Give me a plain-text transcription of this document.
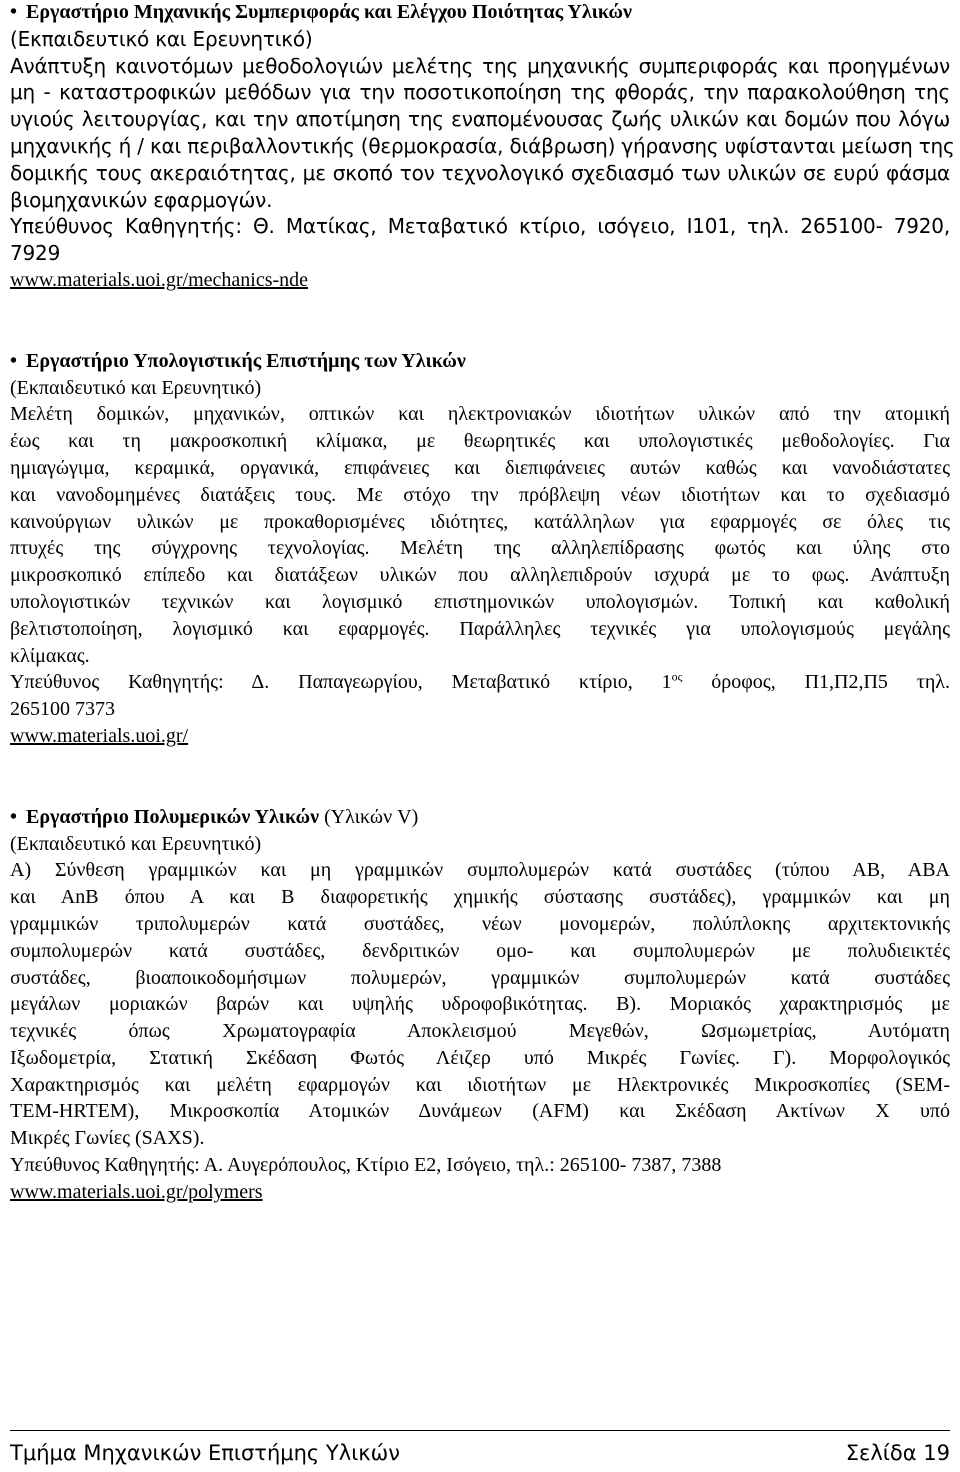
• Εργαστήριο Μηχανικής Συμπεριφοράς και Ελέγχου Ποιότητας Υλικών
(Εκπαιδευτικό και Ερευνητικό)
Ανάπτυξη καινοτόμων μεθοδολογιών μελέτης της μηχανικής συμπεριφοράς και προηγμένων
μη - καταστροφικών μεθόδων για την ποσοτικοποίηση της φθοράς, την παρακολούθηση της
υγιούς λειτουργίας, και την αποτίμηση της εναπομένουσας ζωής υλικών και δομών που λόγω
μηχανικής ή / και περιβαλλοντικής (θερμοκρασία, διάβρωση) γήρανσης υφίστανται μείωση της
δομικής τους ακεραιότητας, με σκοπό τον τεχνολογικό σχεδιασμό των υλικών σε ευρύ φάσμα
βιομηχανικών εφαρμογών.
Υπεύθυνος Καθηγητής: Θ. Ματίκας, Μεταβατικό κτίριο, ισόγειο, Ι101, τηλ. 265100- 7920,
7929
www.materials.uoi.gr/mechanics-nde
• Εργαστήριο Υπολογιστικής Επιστήμης των Υλικών
(Εκπαιδευτικό και Ερευνητικό)
Μελέτη δομικών, μηχανικών, οπτικών και ηλεκτρονιακών ιδιοτήτων υλικών από την ατομική
έως και τη μακροσκοπική κλίμακα, με θεωρητικές και υπολογιστικές μεθοδολογίες. Για
ημιαγώγιμα, κεραμικά, οργανικά, επιφάνειες και διεπιφάνειες αυτών καθώς και νανοδιάστατες
και νανοδομημένες διατάξεις τους. Με στόχο την πρόβλεψη νέων ιδιοτήτων και το σχεδιασμό
καινούργιων υλικών με προκαθορισμένες ιδιότητες, κατάλληλων για εφαρμογές σε όλες τις
πτυχές της σύγχρονης τεχνολογίας. Μελέτη της αλληλεπίδρασης φωτός και ύλης στο
μικροσκοπικό επίπεδο και διατάξεων υλικών που αλληλεπιδρούν ισχυρά με το φως. Ανάπτυξη
υπολογιστικών τεχνικών και λογισμικό επιστημονικών υπολογισμών. Τοπική και καθολική
βελτιστοποίηση, λογισμικό και εφαρμογές. Παράλληλες τεχνικές για υπολογισμούς μεγάλης
κλίμακας.
Υπεύθυνος Καθηγητής: Δ. Παπαγεωργίου, Μεταβατικό κτίριο, $1^{o\varsigma}$ όροφος, Π1,Π2,Π5 τηλ.
265100 7373
www.materials.uoi.gr/
• Εργαστήριο Πολυμερικών Υλικών (Υλικών V)
(Εκπαιδευτικό και Ερευνητικό)
Α) Σύνθεση γραμμικών και μη γραμμικών συμπολυμερών κατά συστάδες (τύπου ΑΒ, ΑΒΑ
και ΑnΒ όπου Α και Β διαφορετικής χημικής σύστασης συστάδες), γραμμικών και μη
γραμμικών τριπολυμερών κατά συστάδες, νέων μονομερών, πολύπλοκης αρχιτεκτονικής
συμπολυμερών κατά συστάδες, δενδριτικών ομο- και συμπολυμερών με πολυδιεικτές
συστάδες, βιοαποικοδομήσιμων πολυμερών, γραμμικών συμπολυμερών κατά συστάδες
μεγάλων μοριακών βαρών και υψηλής υδροφοβικότητας. Β). Μοριακός χαρακτηρισμός με
τεχνικές όπως Χρωματογραφία Αποκλεισμού Μεγεθών, Ωσμωμετρίας, Αυτόματη
Ιξωδομετρία, Στατική Σκέδαση Φωτός Λέιζερ υπό Μικρές Γωνίες. Γ). Μορφολογικός
Χαρακτηρισμός και μελέτη εφαρμογών και ιδιοτήτων με Ηλεκτρονικές Μικροσκοπίες (SEM-
TEM-HRTEM), Μικροσκοπία Ατομικών Δυνάμεων (AFM) και Σκέδαση Ακτίνων Χ υπό
Μικρές Γωνίες (SAXS).
Υπεύθυνος Καθηγητής: Α. Αυγερόπουλος, Κτίριο Ε2, Ισόγειο, τηλ.: 265100- 7387, 7388
www.materials.uoi.gr/polymers
Τμήμα Μηχανικών Επιστήμης Υλικών	Σελίδα 19
